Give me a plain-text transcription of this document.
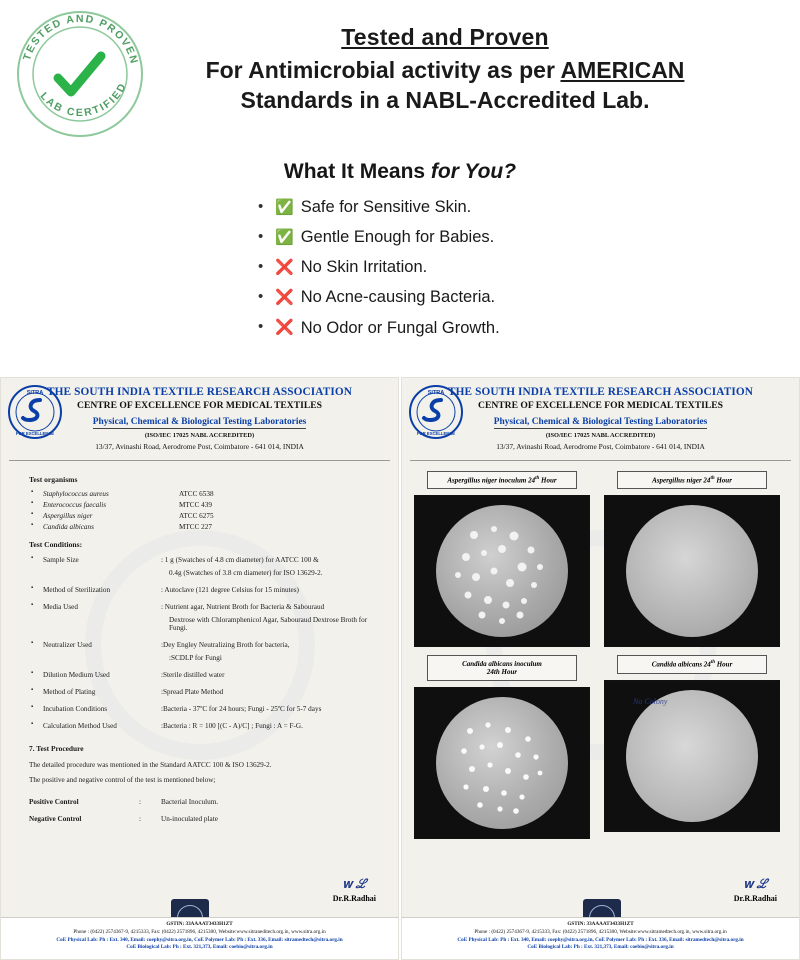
TESTED AND PROVEN
LAB CERTIFIED
Tested and Proven
For Antimicrobial activity as per AMERICAN
Standards in a NABL-Accredited Lab.
What It Means for You?
• ✅ Safe for Sensitive Skin.
• ✅ Gentle Enough for Babies.
• ❌ No Skin Irritation.
• ❌ No Acne-causing Bacteria.
• ❌ No Odor or Fungal Growth.
SITRA
FOR EXCELLENCE
THE SOUTH INDIA TEXTILE RESEARCH ASSOCIATION
CENTRE OF EXCELLENCE FOR MEDICAL TEXTILES
Physical, Chemical & Biological Testing Laboratories
(ISO/IEC 17025 NABL ACCREDITED)
13/37, Avinashi Road, Aerodrome Post, Coimbatore - 641 014, INDIA
Test organisms
▪ Staphylococcus aureus	ATCC 6538
▪ Enterococcus faecalis	MTCC 439
▪ Aspergillus niger	ATCC 6275
▪ Candida albicans	MTCC 227
Test Conditions:
▪ Sample Size	: 1 g (Swatches of 4.8 cm diameter) for AATCC 100 &
0.4g (Swatches of 3.8 cm diameter) for ISO 13629-2.
▪ Method of Sterilization	: Autoclave (121 degree Celsius for 15 minutes)
▪ Media Used	: Nutrient agar, Nutrient Broth for Bacteria & Sabouraud
Dextrose with Chloramphenicol Agar, Sabouraud Dextrose Broth for Fungi.
▪ Neutralizer Used	:Dey Engley Neutralizing Broth for bacteria,
:SCDLP for Fungi
▪ Dilution Medium Used	:Sterile distilled water
▪ Method of Plating	:Spread Plate Method
▪ Incubation Conditions	:Bacteria - 37ºC for 24 hours; Fungi - 25ºC for 5-7 days
▪ Calculation Method Used	:Bacteria : R = 100 [(C - A)/C] ; Fungi : A = F-G.
7. Test Procedure
The detailed procedure was mentioned in the Standard AATCC 100 & ISO 13629-2.
The positive and negative control of the test is mentioned below;
Positive Control	:	Bacterial Inoculum.
Negative Control	:	Un-inoculated plate
𝐰 ℒ
Dr.R.Radhai
GSTIN: 33AAAAT3433H1ZT
Phone : (0422) 2574367-9, 4215333, Fax: (0422) 2571896, 4215300, Website:www.sitraneditech.org.in, www.sitra.org.in
CoE Physical Lab: Ph : Ext. 340, Email: coephy@sitra.org.in, CoE Polymer Lab: Ph : Ext. 336, Email: sitramedtech@sitra.org.in
CoE Biological Lab: Ph : Ext. 321,373, Email: coebio@sitra.org.in
SITRA
FOR EXCELLENCE
THE SOUTH INDIA TEXTILE RESEARCH ASSOCIATION
CENTRE OF EXCELLENCE FOR MEDICAL TEXTILES
Physical, Chemical & Biological Testing Laboratories
(ISO/IEC 17025 NABL ACCREDITED)
13/37, Avinashi Road, Aerodrome Post, Coimbatore - 641 014, INDIA
Aspergillus niger inoculum 24th Hour	Aspergillus niger 24th Hour
Candida albicans inoculum
24th Hour
Candida albicans 24th Hour
No Colony
𝐰 ℒ
Dr.R.Radhai
GSTIN: 33AAAAT3433H1ZT
Phone : (0422) 2574367-9, 4215333, Fax: (0422) 2571896, 4215300, Website:www.sitramedtech.org.in, www.sitra.org.in
CoE Physical Lab: Ph : Ext. 340, Email: coephy@sitra.org.in, CoE Polymer Lab: Ph : Ext. 336, Email: sitramedtech@sitra.org.in
CoE Biological Lab: Ph : Ext. 321,373, Email: coebio@sitra.org.in
